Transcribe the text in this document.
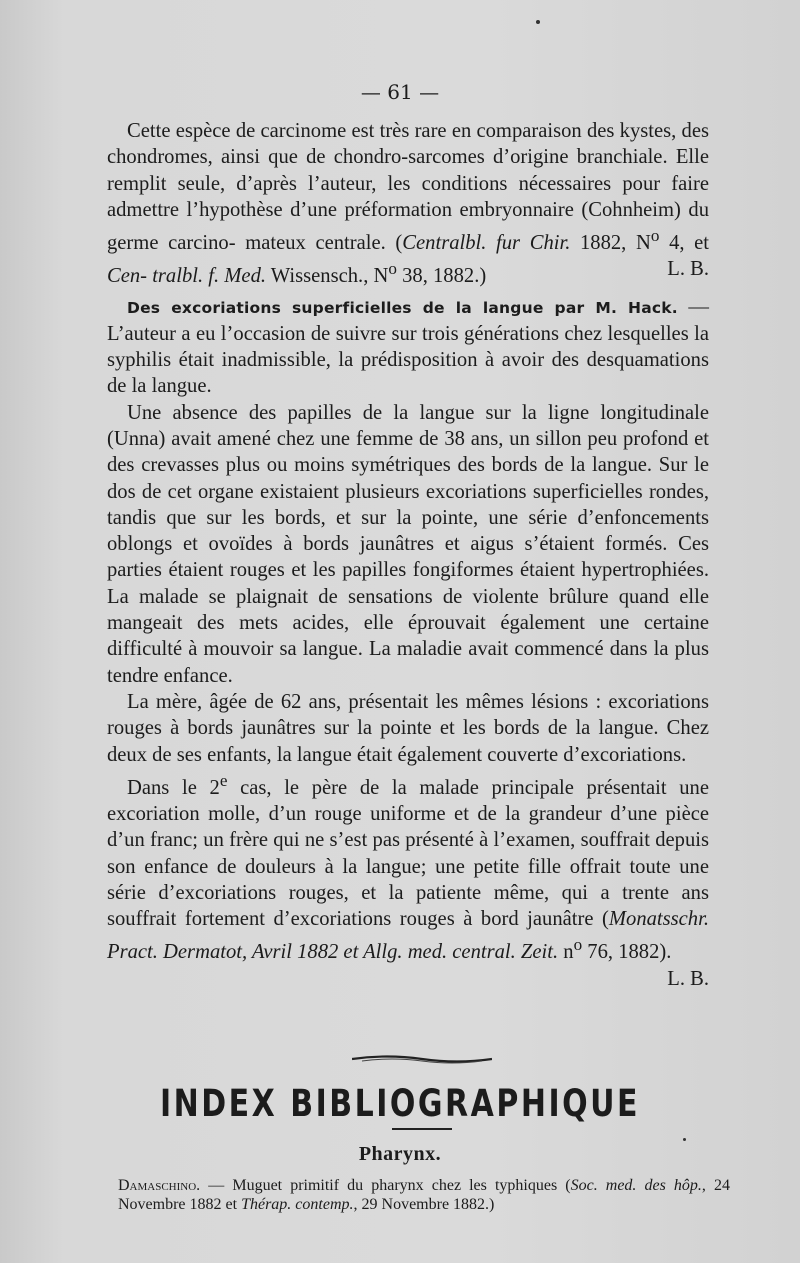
— 61 —

Cette espèce de carcinome est très rare en comparaison des kystes, des chondromes, ainsi que de chondro-sarcomes d’origine branchiale. Elle remplit seule, d’après l’auteur, les conditions nécessaires pour faire admettre l’hypothèse d’une préformation embryonnaire (Cohnheim) du germe carcino- mateux centrale. (Centralbl. fur Chir. 1882, $N^o$ 4, et Cen- tralbl. f. Med. Wissensch., $N^o$ 38, 1882.)	L. B.

Des excoriations superficielles de la langue par M. Hack. — L’auteur a eu l’occasion de suivre sur trois générations chez lesquelles la syphilis était inadmissible, la prédisposition à avoir des desquamations de la langue.

Une absence des papilles de la langue sur la ligne longitudinale (Unna) avait amené chez une femme de 38 ans, un sillon peu profond et des crevasses plus ou moins symétriques des bords de la langue. Sur le dos de cet organe existaient plusieurs excoriations superficielles rondes, tandis que sur les bords, et sur la pointe, une série d’enfoncements oblongs et ovoïdes à bords jaunâtres et aigus s’étaient formés. Ces parties étaient rouges et les papilles fongiformes étaient hypertrophiées. La malade se plaignait de sensations de violente brûlure quand elle mangeait des mets acides, elle éprouvait également une certaine difficulté à mouvoir sa langue. La maladie avait commencé dans la plus tendre enfance.

La mère, âgée de 62 ans, présentait les mêmes lésions : excoriations rouges à bords jaunâtres sur la pointe et les bords de la langue. Chez deux de ses enfants, la langue était également couverte d’excoriations.

Dans le 2e cas, le père de la malade principale présentait une excoriation molle, d’un rouge uniforme et de la grandeur d’une pièce d’un franc; un frère qui ne s’est pas présenté à l’examen, souffrait depuis son enfance de douleurs à la langue; une petite fille offrait toute une série d’excoriations rouges, et la patiente même, qui a trente ans souffrait fortement d’excoriations rouges à bord jaunâtre (Monatsschr. Pract. Dermatot, Avril 1882 et Allg. med. central. Zeit. $n^o$ 76, 1882).
L. B.

INDEX BIBLIOGRAPHIQUE
Pharynx.
Damaschino. — Muguet primitif du pharynx chez les typhiques (Soc. med. des hôp., 24 Novembre 1882 et Thérap. contemp., 29 Novembre 1882.)
